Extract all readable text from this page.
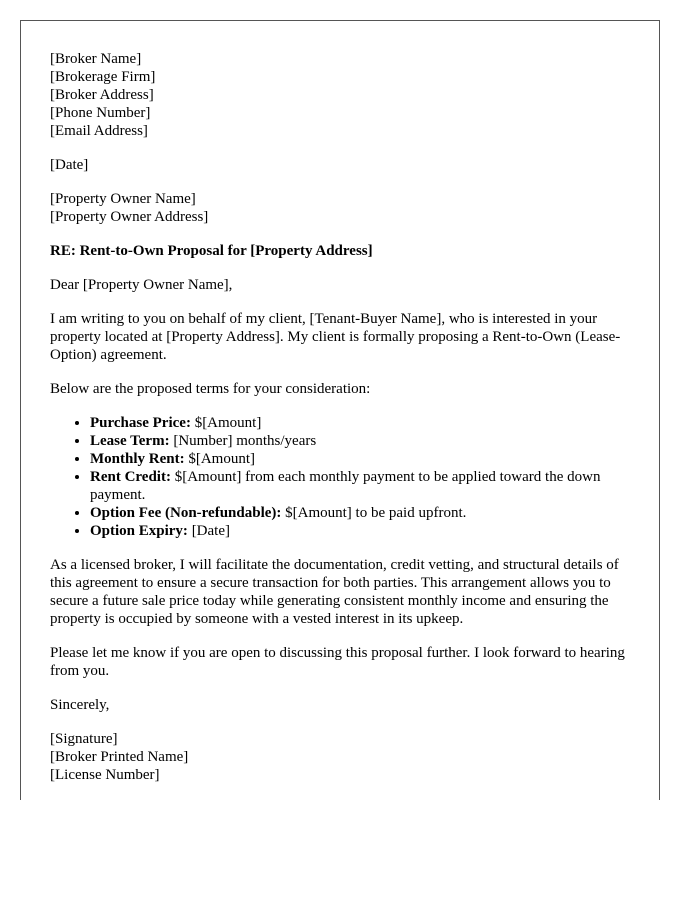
[Broker Name]
[Brokerage Firm]
[Broker Address]
[Phone Number]
[Email Address]
[Date]
[Property Owner Name]
[Property Owner Address]

RE: Rent-to-Own Proposal for [Property Address]

Dear [Property Owner Name],

I am writing to you on behalf of my client, [Tenant-Buyer Name], who is interested in your property located at [Property Address]. My client is formally proposing a Rent-to-Own (Lease-Option) agreement.

Below are the proposed terms for your consideration:

• Purchase Price: $[Amount]
• Lease Term: [Number] months/years
• Monthly Rent: $[Amount]
• Rent Credit: $[Amount] from each monthly payment to be applied toward the down payment.
• Option Fee (Non-refundable): $[Amount] to be paid upfront.
• Option Expiry: [Date]

As a licensed broker, I will facilitate the documentation, credit vetting, and structural details of this agreement to ensure a secure transaction for both parties. This arrangement allows you to secure a future sale price today while generating consistent monthly income and ensuring the property is occupied by someone with a vested interest in its upkeep.

Please let me know if you are open to discussing this proposal further. I look forward to hearing from you.

Sincerely,

[Signature]
[Broker Printed Name]
[License Number]
